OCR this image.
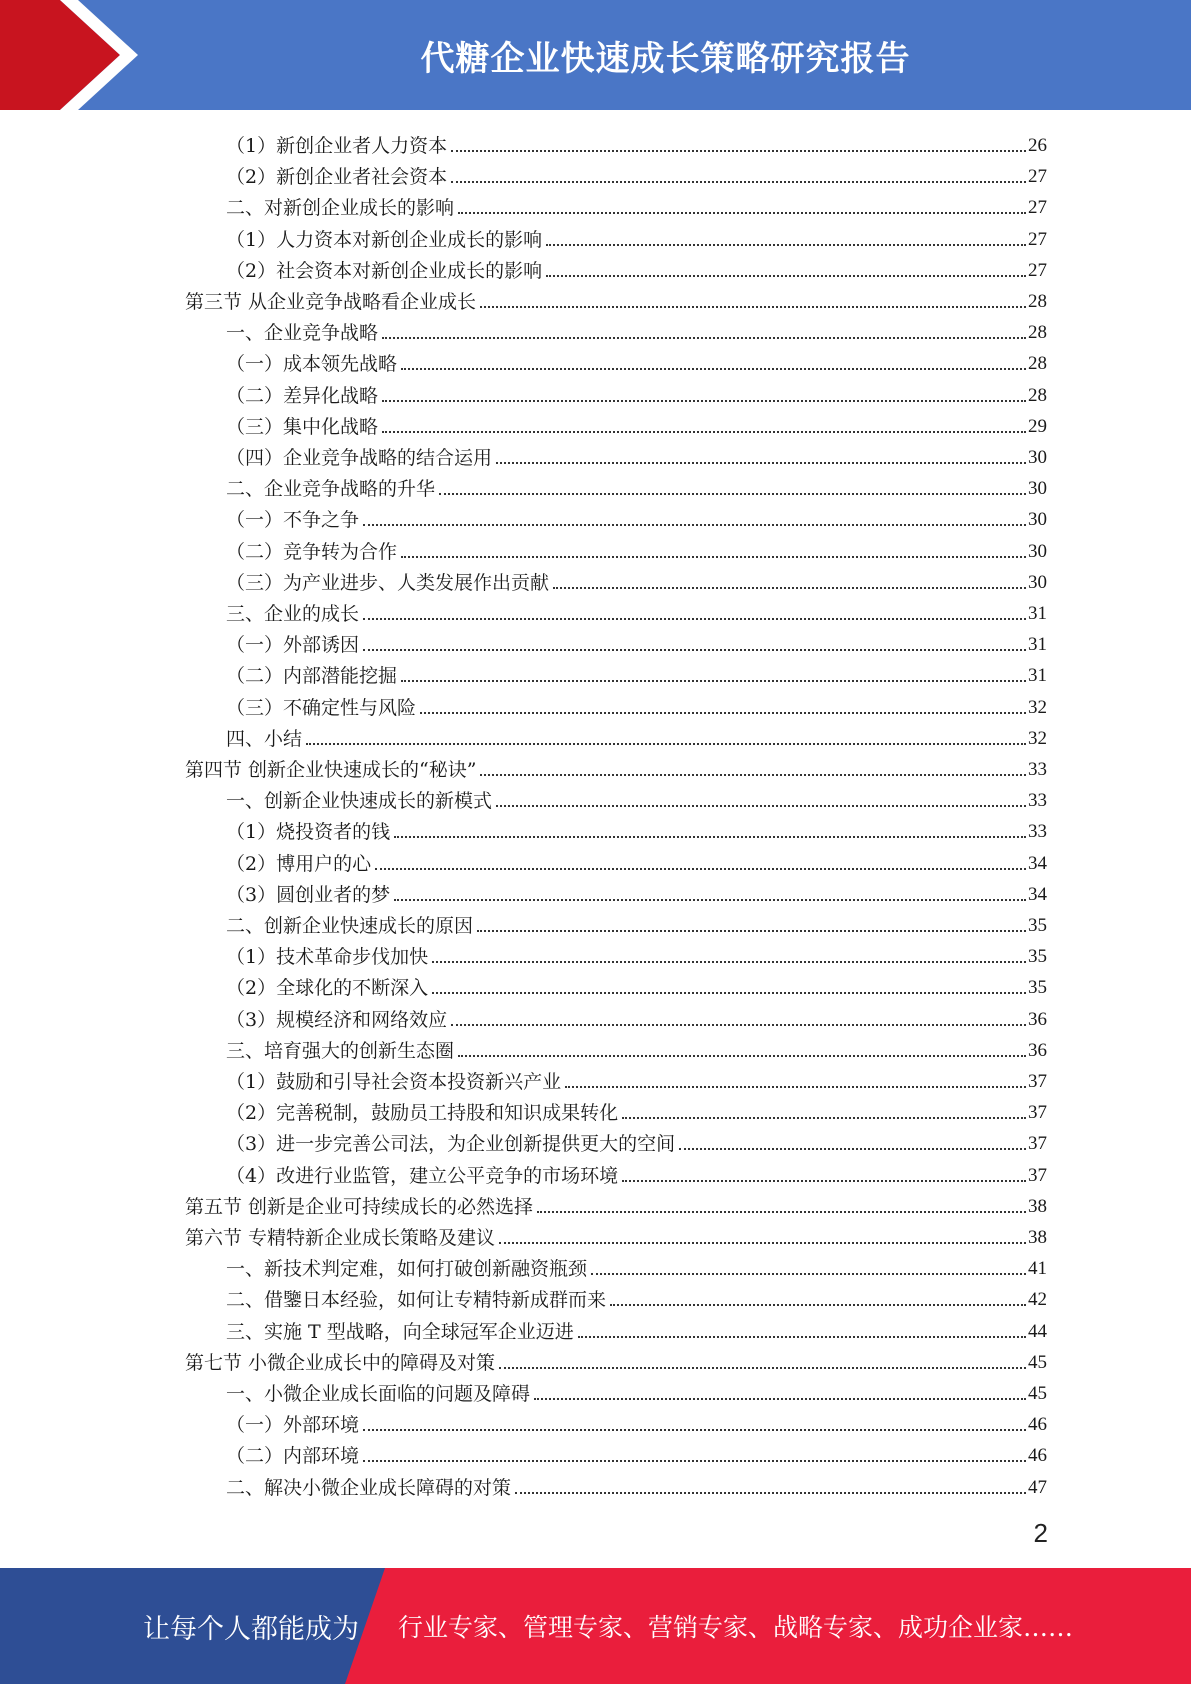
代糖企业快速成长策略研究报告
（1）新创企业者人力资本	26
（2）新创企业者社会资本	27
二、对新创企业成长的影响	27
（1）人力资本对新创企业成长的影响	27
（2）社会资本对新创企业成长的影响	27
第三节 从企业竞争战略看企业成长	28
一、企业竞争战略	28
（一）成本领先战略	28
（二）差异化战略	28
（三）集中化战略	29
（四）企业竞争战略的结合运用	30
二、企业竞争战略的升华	30
（一）不争之争	30
（二）竞争转为合作	30
（三）为产业进步、人类发展作出贡献	30
三、企业的成长	31
（一）外部诱因	31
（二）内部潜能挖掘	31
（三）不确定性与风险	32
四、小结	32
第四节 创新企业快速成长的“秘诀”	33
一、创新企业快速成长的新模式	33
（1）烧投资者的钱	33
（2）博用户的心	34
（3）圆创业者的梦	34
二、创新企业快速成长的原因	35
（1）技术革命步伐加快	35
（2）全球化的不断深入	35
（3）规模经济和网络效应	36
三、培育强大的创新生态圈	36
（1）鼓励和引导社会资本投资新兴产业	37
（2）完善税制，鼓励员工持股和知识成果转化	37
（3）进一步完善公司法，为企业创新提供更大的空间	37
（4）改进行业监管，建立公平竞争的市场环境	37
第五节 创新是企业可持续成长的必然选择	38
第六节 专精特新企业成长策略及建议	38
一、新技术判定难，如何打破创新融资瓶颈	41
二、借鑒日本经验，如何让专精特新成群而来	42
三、实施 T 型战略，向全球冠军企业迈进	44
第七节 小微企业成长中的障碍及对策	45
一、小微企业成长面临的问题及障碍	45
（一）外部环境	46
（二）内部环境	46
二、解决小微企业成长障碍的对策	47
2
让每个人都能成为 行业专家、管理专家、营销专家、战略专家、成功企业家……
